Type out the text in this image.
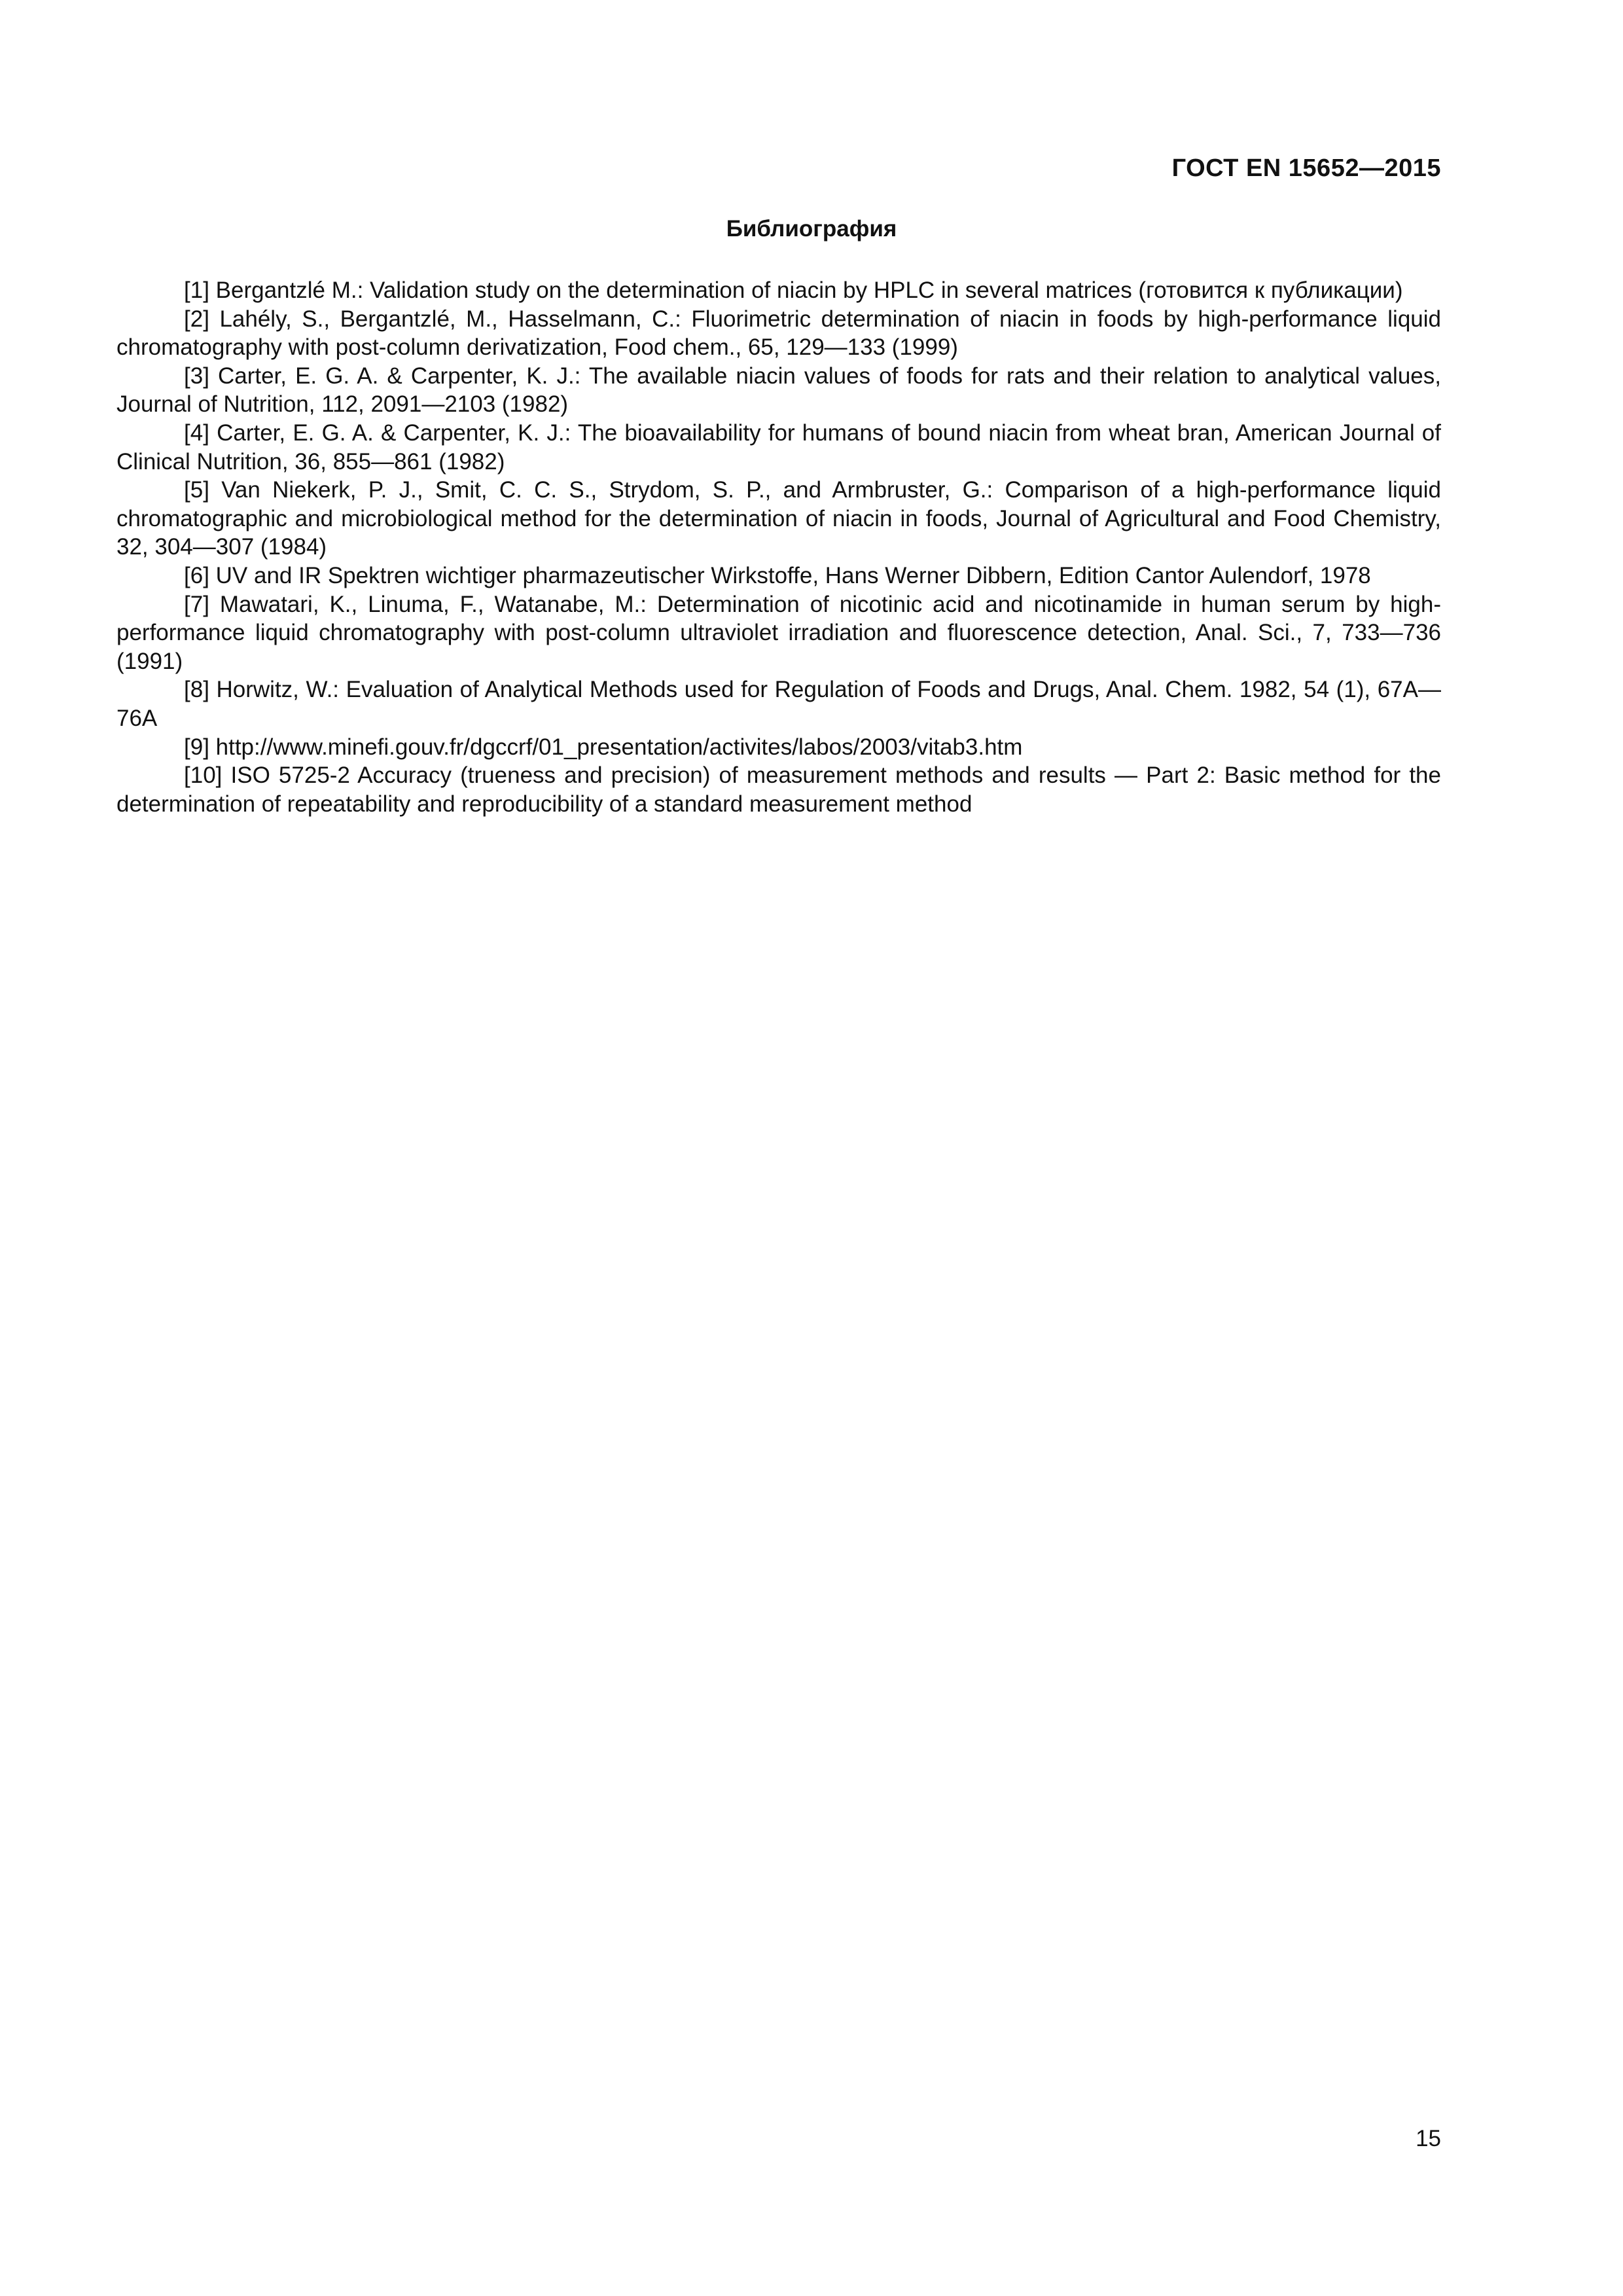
ГОСТ EN 15652—2015
Библиография

[1] Bergantzlé M.: Validation study on the determination of niacin by HPLC in several matrices (готовится к публикации)

[2] Lahély, S., Bergantzlé, M., Hasselmann, C.: Fluorimetric determination of niacin in foods by high-performance liquid chromatography with post-column derivatization, Food chem., 65, 129—133 (1999)

[3] Carter, E. G. A. & Carpenter, K. J.: The available niacin values of foods for rats and their relation to analytical values, Journal of Nutrition, 112, 2091—2103 (1982)

[4] Carter, E. G. A. & Carpenter, K. J.: The bioavailability for humans of bound niacin from wheat bran, American Journal of Clinical Nutrition, 36, 855—861 (1982)

[5] Van Niekerk, P. J., Smit, C. C. S., Strydom, S. P., and Armbruster, G.: Comparison of a high-performance liquid chromatographic and microbiological method for the determination of niacin in foods, Journal of Agricultural and Food Chemistry, 32, 304—307 (1984)

[6] UV and IR Spektren wichtiger pharmazeutischer Wirkstoffe, Hans Werner Dibbern, Edition Cantor Aulendorf, 1978

[7] Mawatari, K., Linuma, F., Watanabe, M.: Determination of nicotinic acid and nicotinamide in human serum by high-performance liquid chromatography with post-column ultraviolet irradiation and fluorescence detection, Anal. Sci., 7, 733—736 (1991)

[8] Horwitz, W.: Evaluation of Analytical Methods used for Regulation of Foods and Drugs, Anal. Chem. 1982, 54 (1), 67A—76A

[9] http://www.minefi.gouv.fr/dgccrf/01_presentation/activites/labos/2003/vitab3.htm

[10] ISO 5725-2 Accuracy (trueness and precision) of measurement methods and results — Part 2: Basic method for the determination of repeatability and reproducibility of a standard measurement method

15
